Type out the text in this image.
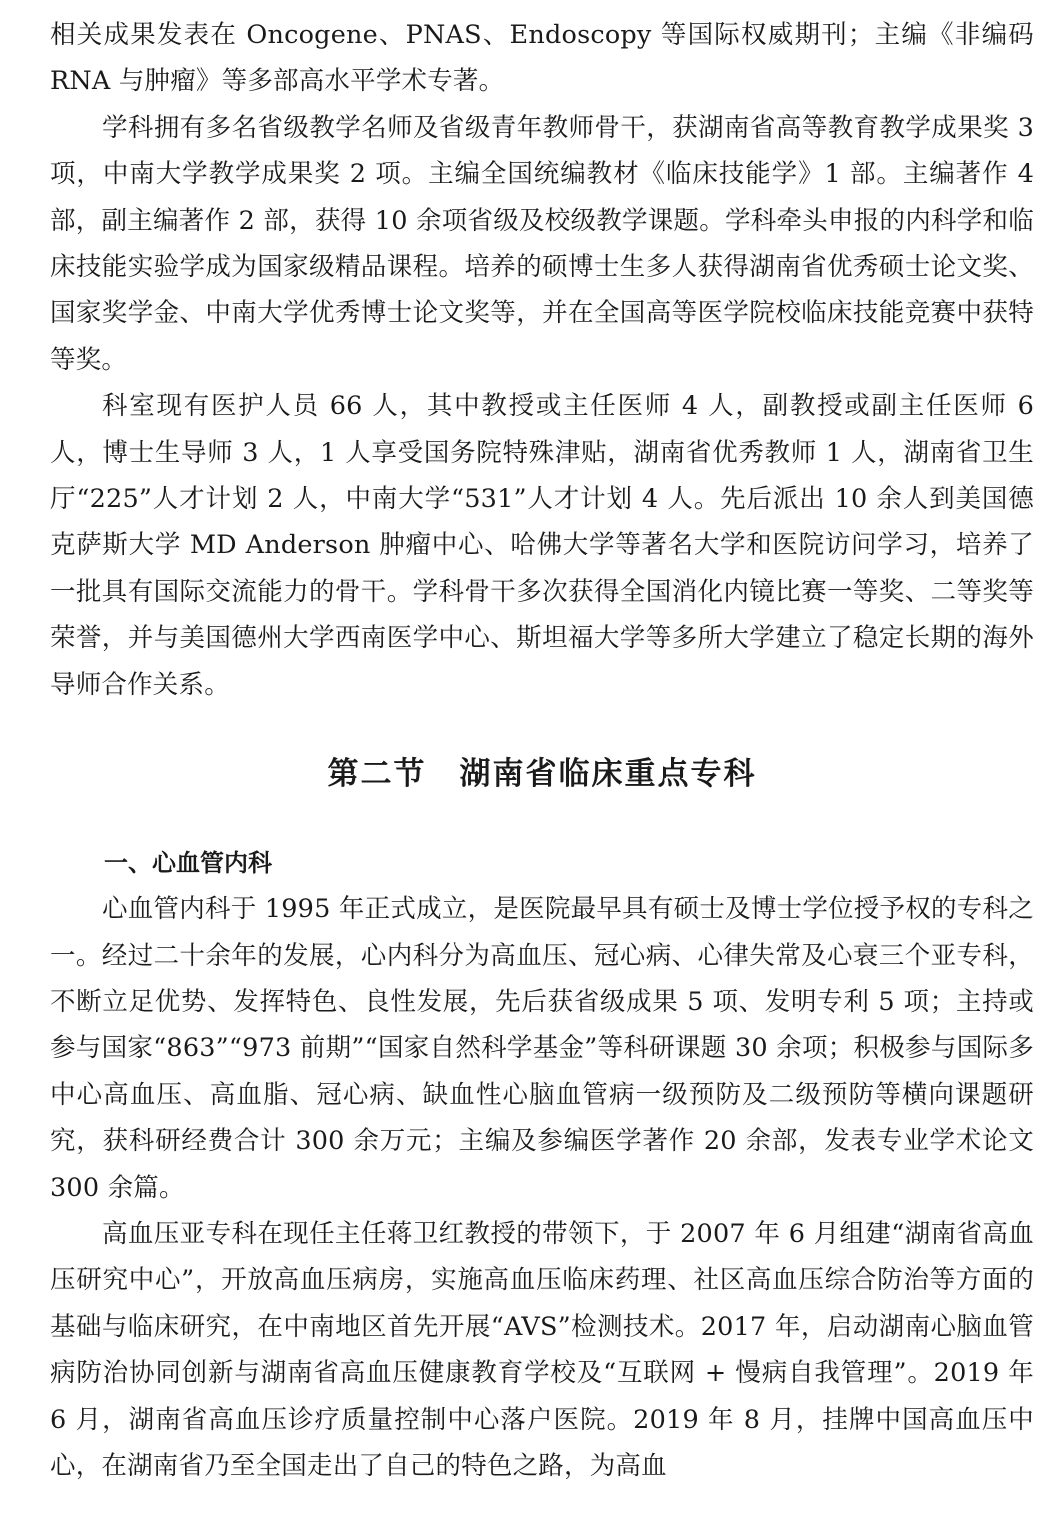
相关成果发表在 Oncogene、PNAS、Endoscopy 等国际权威期刊；主编《非编码RNA 与肿瘤》等多部高水平学术专著。

学科拥有多名省级教学名师及省级青年教师骨干，获湖南省高等教育教学成果奖 3 项，中南大学教学成果奖 2 项。主编全国统编教材《临床技能学》1 部。主编著作 4 部，副主编著作 2 部，获得 10 余项省级及校级教学课题。学科牵头申报的内科学和临床技能实验学成为国家级精品课程。培养的硕博士生多人获得湖南省优秀硕士论文奖、国家奖学金、中南大学优秀博士论文奖等，并在全国高等医学院校临床技能竞赛中获特等奖。

科室现有医护人员 66 人，其中教授或主任医师 4 人，副教授或副主任医师 6 人，博士生导师 3 人，1 人享受国务院特殊津贴，湖南省优秀教师 1 人，湖南省卫生厅“225”人才计划 2 人，中南大学“531”人才计划 4 人。先后派出 10 余人到美国德克萨斯大学 MD Anderson 肿瘤中心、哈佛大学等著名大学和医院访问学习，培养了一批具有国际交流能力的骨干。学科骨干多次获得全国消化内镜比赛一等奖、二等奖等荣誉，并与美国德州大学西南医学中心、斯坦福大学等多所大学建立了稳定长期的海外导师合作关系。

第二节　湖南省临床重点专科
一、心血管内科

心血管内科于 1995 年正式成立，是医院最早具有硕士及博士学位授予权的专科之一。经过二十余年的发展，心内科分为高血压、冠心病、心律失常及心衰三个亚专科，不断立足优势、发挥特色、良性发展，先后获省级成果 5 项、发明专利 5 项；主持或参与国家“863”“973 前期”“国家自然科学基金”等科研课题 30 余项；积极参与国际多中心高血压、高血脂、冠心病、缺血性心脑血管病一级预防及二级预防等横向课题研究，获科研经费合计 300 余万元；主编及参编医学著作 20 余部，发表专业学术论文 300 余篇。

高血压亚专科在现任主任蒋卫红教授的带领下，于 2007 年 6 月组建“湖南省高血压研究中心”，开放高血压病房，实施高血压临床药理、社区高血压综合防治等方面的基础与临床研究，在中南地区首先开展“AVS”检测技术。2017 年，启动湖南心脑血管病防治协同创新与湖南省高血压健康教育学校及“互联网 + 慢病自我管理”。2019 年 6 月，湖南省高血压诊疗质量控制中心落户医院。2019 年 8 月，挂牌中国高血压中心，在湖南省乃至全国走出了自己的特色之路，为高血
